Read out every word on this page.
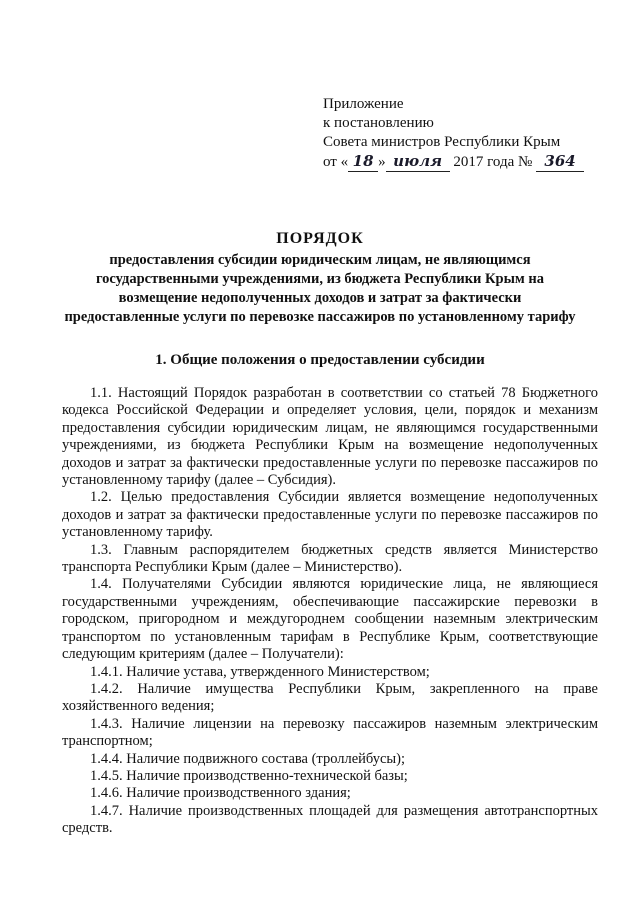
Приложение
к постановлению
Совета министров Республики Крым
от « 18 » июля 2017 года № 364
ПОРЯДОК
предоставления субсидии юридическим лицам, не являющимся государственными учреждениями, из бюджета Республики Крым на возмещение недополученных доходов и затрат за фактически предоставленные услуги по перевозке пассажиров по установленному тарифу
1. Общие положения о предоставлении субсидии

1.1. Настоящий Порядок разработан в соответствии со статьей 78 Бюджетного кодекса Российской Федерации и определяет условия, цели, порядок и механизм предоставления субсидии юридическим лицам, не являющимся государственными учреждениями, из бюджета Республики Крым на возмещение недополученных доходов и затрат за фактически предоставленные услуги по перевозке пассажиров по установленному тарифу (далее – Субсидия).

1.2. Целью предоставления Субсидии является возмещение недополученных доходов и затрат за фактически предоставленные услуги по перевозке пассажиров по установленному тарифу.

1.3. Главным распорядителем бюджетных средств является Министерство транспорта Республики Крым (далее – Министерство).

1.4. Получателями Субсидии являются юридические лица, не являющиеся государственными учреждениям, обеспечивающие пассажирские перевозки в городском, пригородном и междугороднем сообщении наземным электрическим транспортом по установленным тарифам в Республике Крым, соответствующие следующим критериям (далее – Получатели):

1.4.1. Наличие устава, утвержденного Министерством;

1.4.2. Наличие имущества Республики Крым, закрепленного на праве хозяйственного ведения;

1.4.3. Наличие лицензии на перевозку пассажиров наземным электрическим транспортном;

1.4.4. Наличие подвижного состава (троллейбусы);

1.4.5. Наличие производственно-технической базы;

1.4.6. Наличие производственного здания;

1.4.7. Наличие производственных площадей для размещения автотранспортных средств.
